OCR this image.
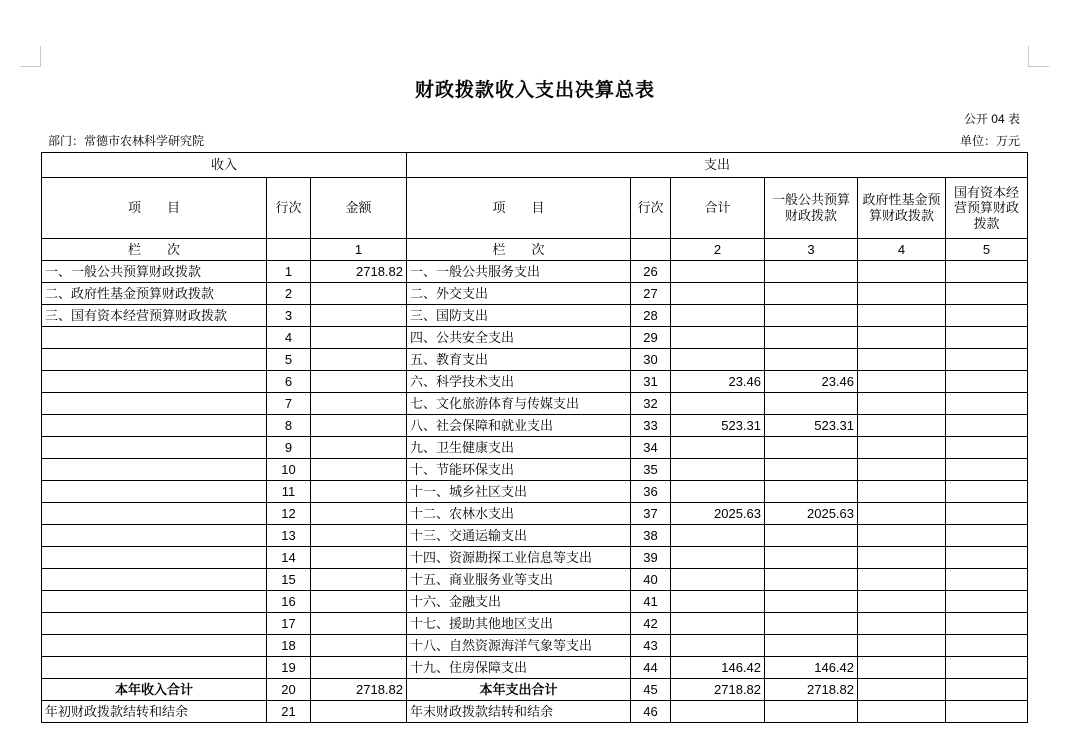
财政拨款收入支出决算总表
公开 04 表
部门：常德市农林科学研究院	单位：万元
收入			支出					
项　　目	行次	金额	项　　目	行次	合计	一般公共预算财政拨款	政府性基金预算财政拨款	国有资本经营预算财政拨款
栏　　次		1	栏　　次		2	3	4	5
一、一般公共预算财政拨款	1	2718.82	一、一般公共服务支出	26				
二、政府性基金预算财政拨款	2		二、外交支出	27				
三、国有资本经营预算财政拨款	3		三、国防支出	28				
	4		四、公共安全支出	29				
	5		五、教育支出	30				
	6		六、科学技术支出	31	23.46	23.46		
	7		七、文化旅游体育与传媒支出	32				
	8		八、社会保障和就业支出	33	523.31	523.31		
	9		九、卫生健康支出	34				
	10		十、节能环保支出	35				
	11		十一、城乡社区支出	36				
	12		十二、农林水支出	37	2025.63	2025.63		
	13		十三、交通运输支出	38				
	14		十四、资源勘探工业信息等支出	39				
	15		十五、商业服务业等支出	40				
	16		十六、金融支出	41				
	17		十七、援助其他地区支出	42				
	18		十八、自然资源海洋气象等支出	43				
	19		十九、住房保障支出	44	146.42	146.42		
本年收入合计	20	2718.82	本年支出合计	45	2718.82	2718.82		
年初财政拨款结转和结余	21		年末财政拨款结转和结余	46				
